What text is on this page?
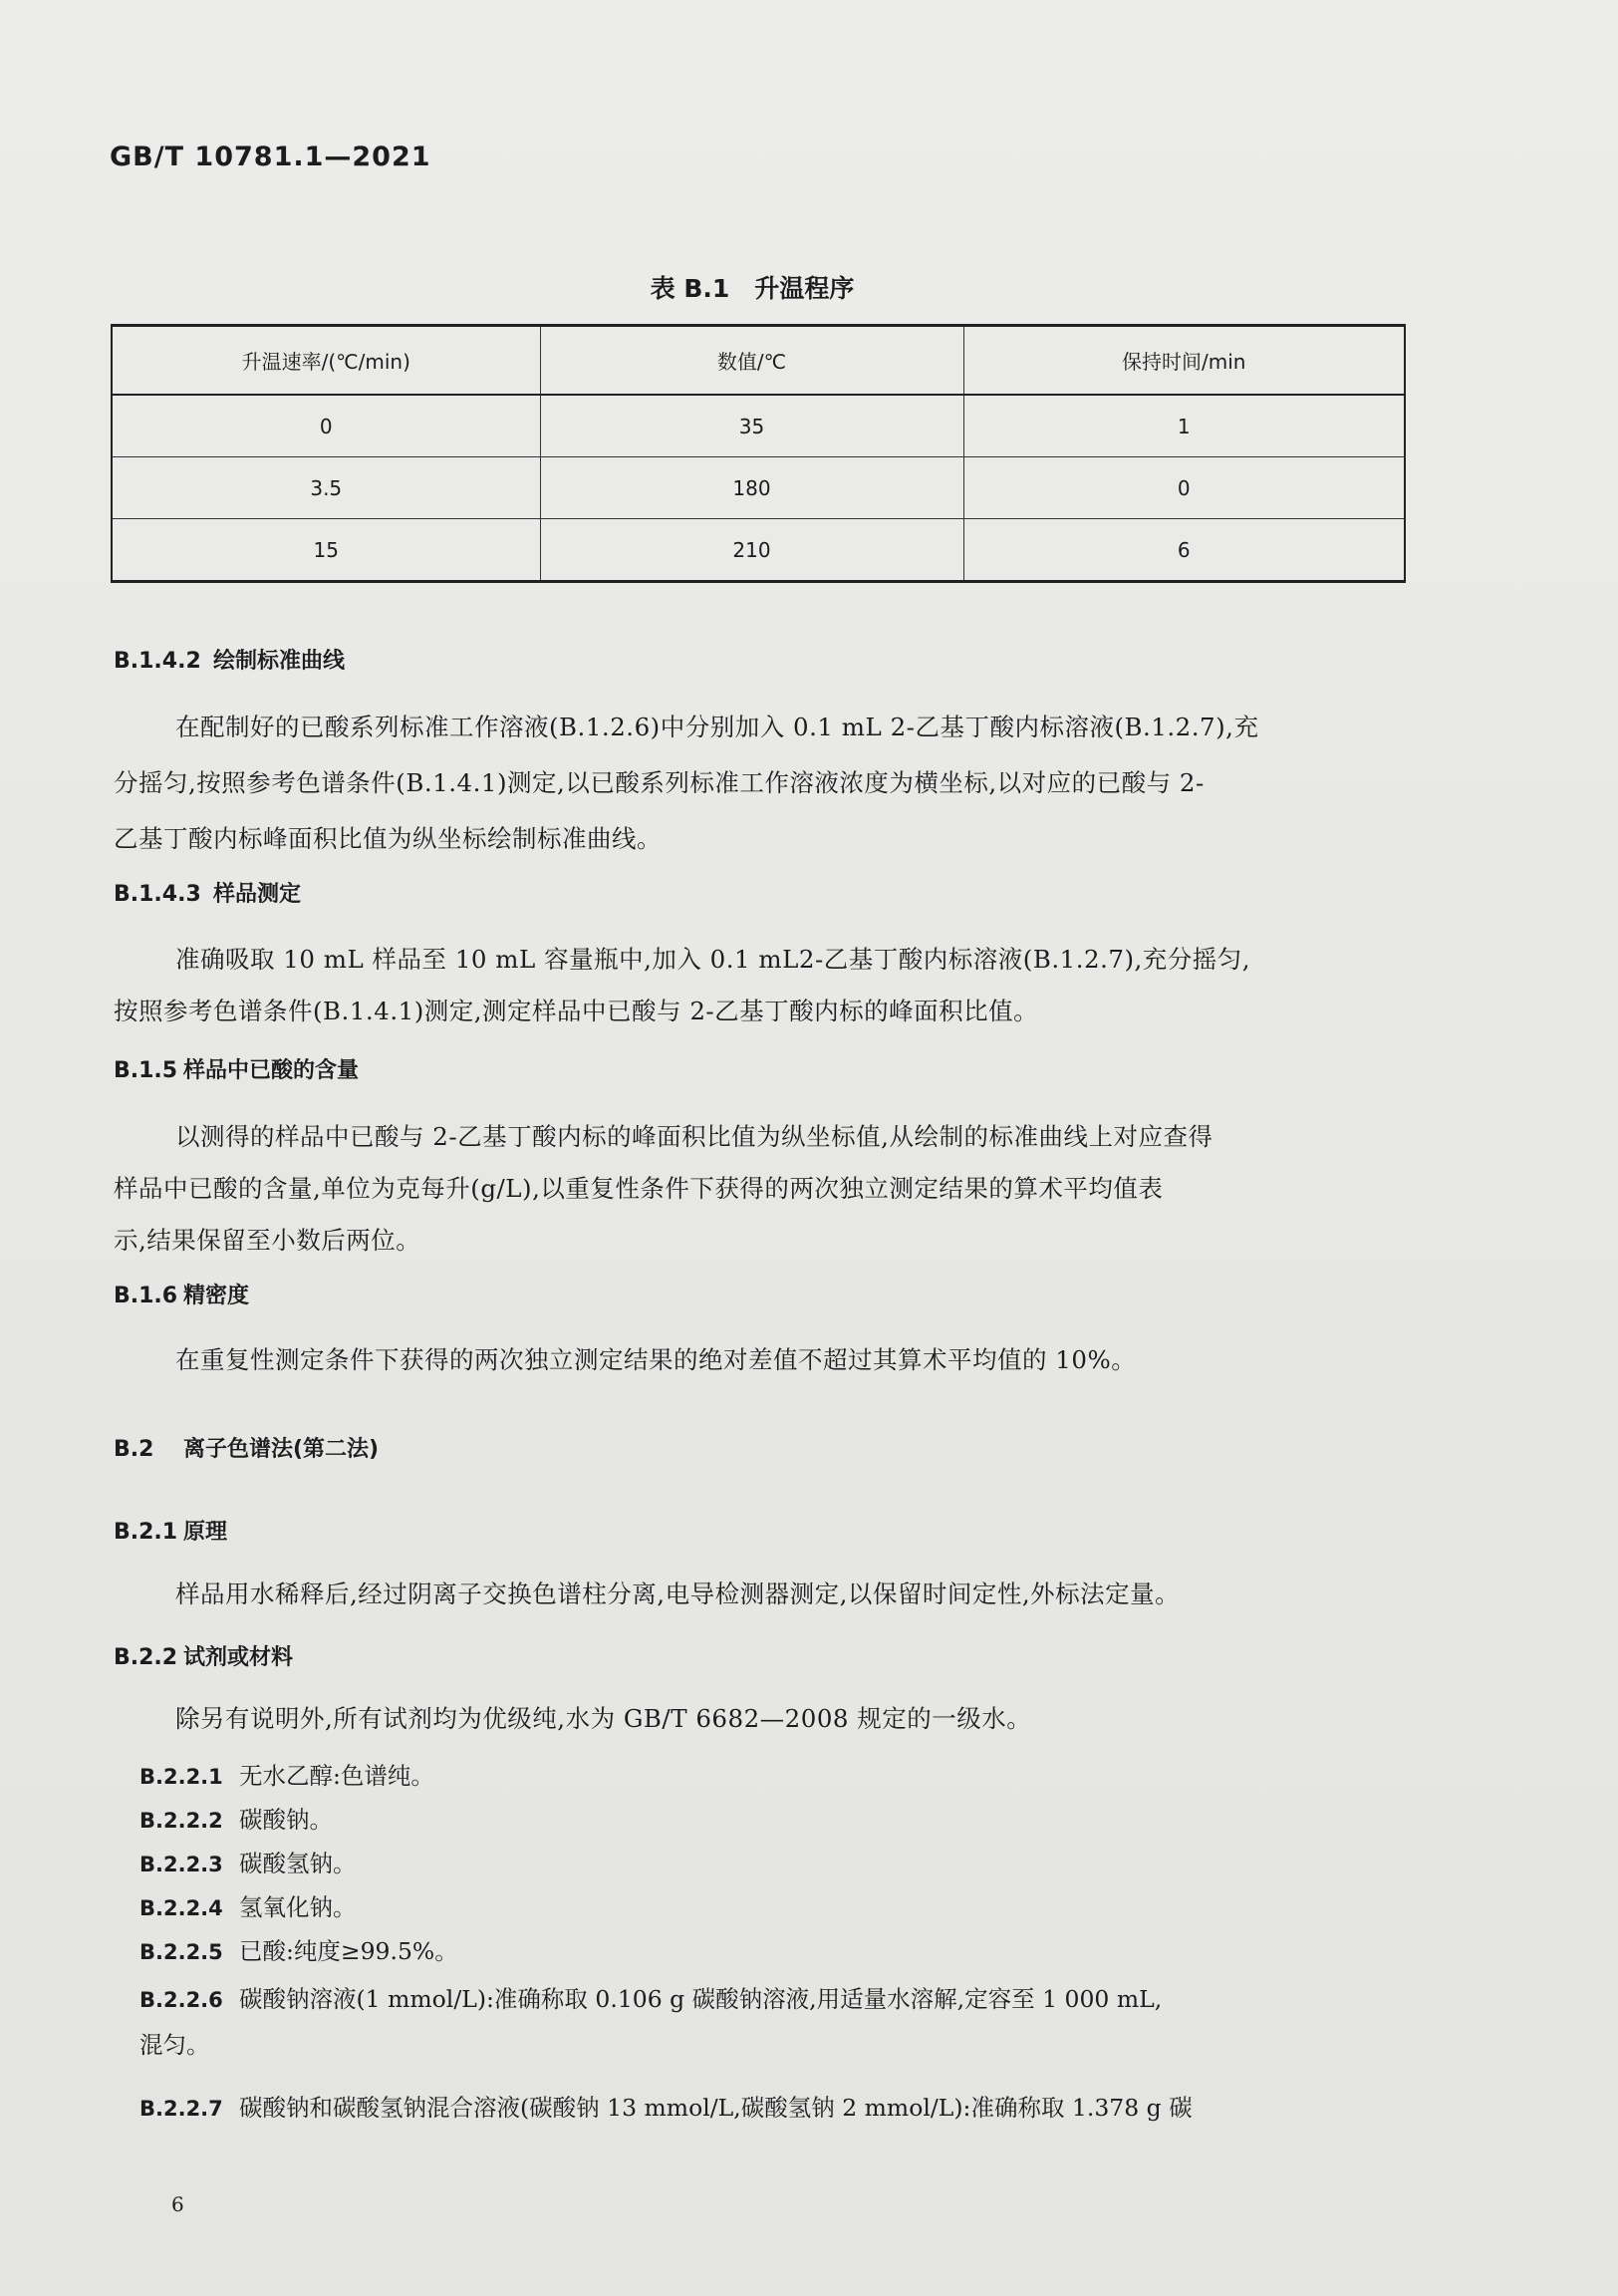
GB/T 10781.1—2021
表 B.1　升温程序
升温速率/(℃/min)	数值/℃	保持时间/min
0	35	1
3.5	180	0
15	210	6
B.1.4.2 绘制标准曲线
在配制好的已酸系列标准工作溶液(B.1.2.6)中分别加入 0.1 mL 2-乙基丁酸内标溶液(B.1.2.7),充
分摇匀,按照参考色谱条件(B.1.4.1)测定,以已酸系列标准工作溶液浓度为横坐标,以对应的已酸与 2-
乙基丁酸内标峰面积比值为纵坐标绘制标准曲线。
B.1.4.3 样品测定
准确吸取 10 mL 样品至 10 mL 容量瓶中,加入 0.1 mL2-乙基丁酸内标溶液(B.1.2.7),充分摇匀,
按照参考色谱条件(B.1.4.1)测定,测定样品中已酸与 2-乙基丁酸内标的峰面积比值。
B.1.5 样品中已酸的含量
以测得的样品中已酸与 2-乙基丁酸内标的峰面积比值为纵坐标值,从绘制的标准曲线上对应查得
样品中已酸的含量,单位为克每升(g/L),以重复性条件下获得的两次独立测定结果的算术平均值表
示,结果保留至小数后两位。
B.1.6 精密度
在重复性测定条件下获得的两次独立测定结果的绝对差值不超过其算术平均值的 10%。
B.2 离子色谱法(第二法)
B.2.1 原理
样品用水稀释后,经过阴离子交换色谱柱分离,电导检测器测定,以保留时间定性,外标法定量。
B.2.2 试剂或材料
除另有说明外,所有试剂均为优级纯,水为 GB/T 6682—2008 规定的一级水。
B.2.2.1 无水乙醇:色谱纯。
B.2.2.2 碳酸钠。
B.2.2.3 碳酸氢钠。
B.2.2.4 氢氧化钠。
B.2.2.5 已酸:纯度≥99.5%。
B.2.2.6 碳酸钠溶液(1 mmol/L):准确称取 0.106 g 碳酸钠溶液,用适量水溶解,定容至 1 000 mL,
混匀。
B.2.2.7 碳酸钠和碳酸氢钠混合溶液(碳酸钠 13 mmol/L,碳酸氢钠 2 mmol/L):准确称取 1.378 g 碳
6
